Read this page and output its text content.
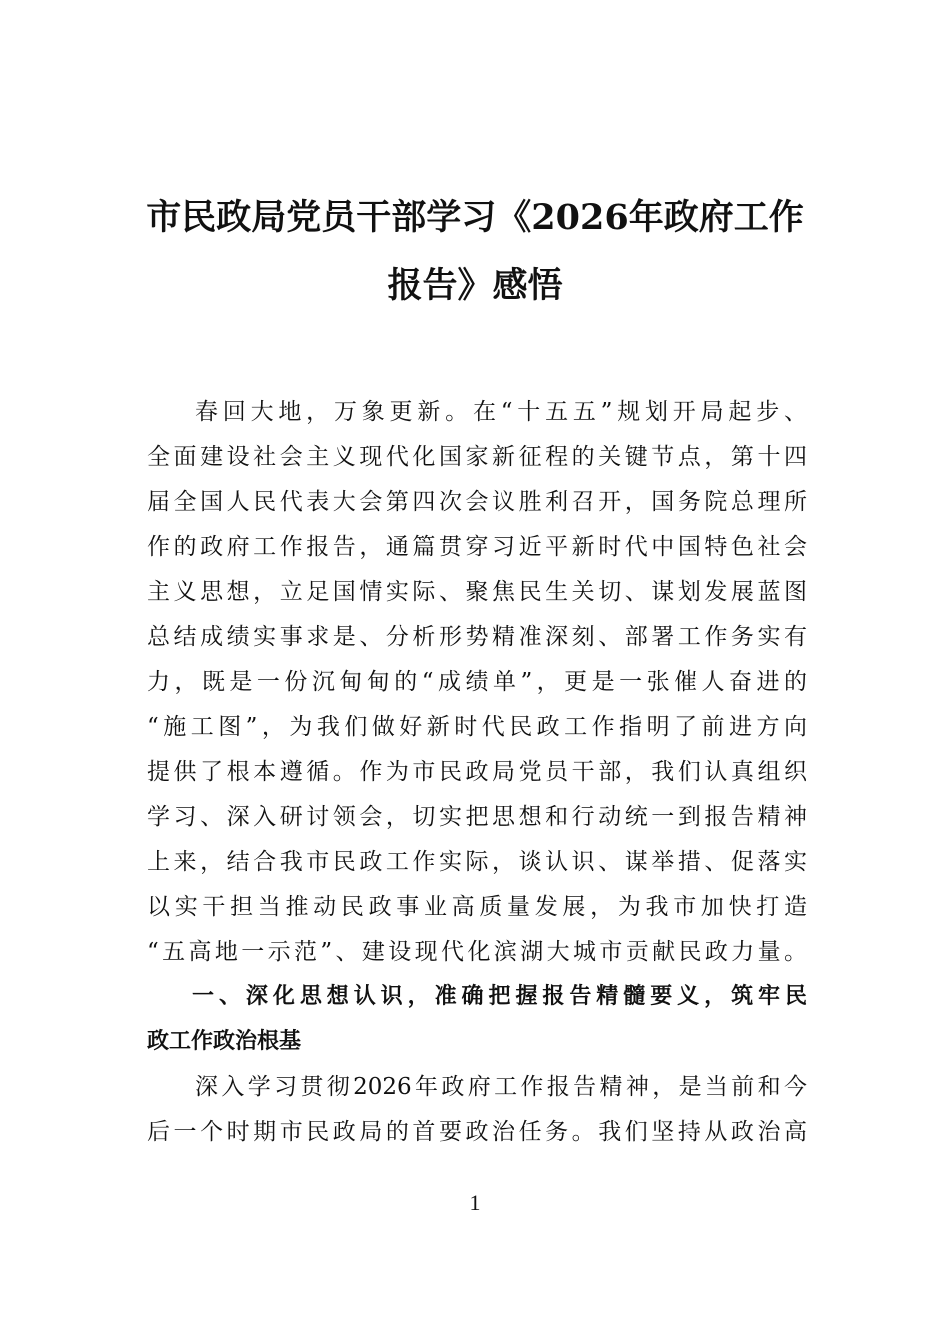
市民政局党员干部学习《2026年政府工作
报告》感悟

春回大地，万象更新。在“十五五”规划开局起步、

全面建设社会主义现代化国家新征程的关键节点，第十四

届全国人民代表大会第四次会议胜利召开，国务院总理所

作的政府工作报告，通篇贯穿习近平新时代中国特色社会

主义思想，立足国情实际、聚焦民生关切、谋划发展蓝图

总结成绩实事求是、分析形势精准深刻、部署工作务实有

力，既是一份沉甸甸的“成绩单”，更是一张催人奋进的

“施工图”，为我们做好新时代民政工作指明了前进方向

提供了根本遵循。作为市民政局党员干部，我们认真组织

学习、深入研讨领会，切实把思想和行动统一到报告精神

上来，结合我市民政工作实际，谈认识、谋举措、促落实

以实干担当推动民政事业高质量发展，为我市加快打造

“五高地一示范”、建设现代化滨湖大城市贡献民政力量。

一、深化思想认识，准确把握报告精髓要义，筑牢民

政工作政治根基

深入学习贯彻2026年政府工作报告精神，是当前和今

后一个时期市民政局的首要政治任务。我们坚持从政治高

1
